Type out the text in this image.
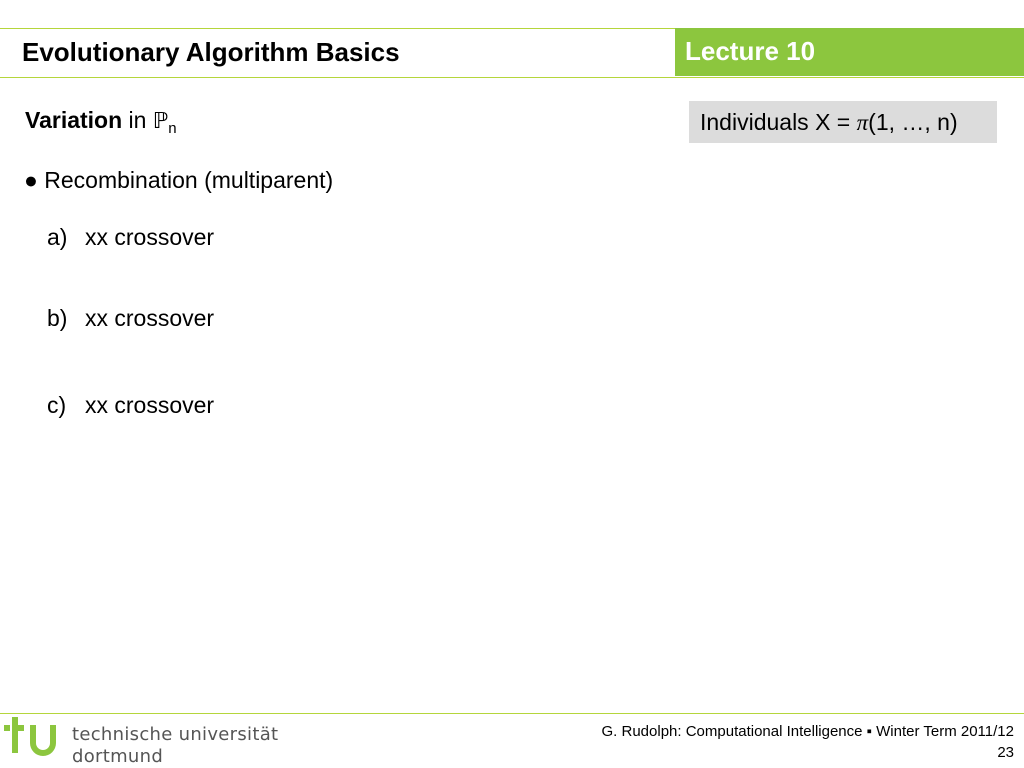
Evolutionary Algorithm Basics	Lecture 10
Variation in ℙ$_n$	Individuals X = π(1, …, n)
● Recombination (multiparent)
a) xx crossover
b) xx crossover
c) xx crossover
technische universität
dortmund
G. Rudolph: Computational Intelligence ▪ Winter Term 2011/12
23
